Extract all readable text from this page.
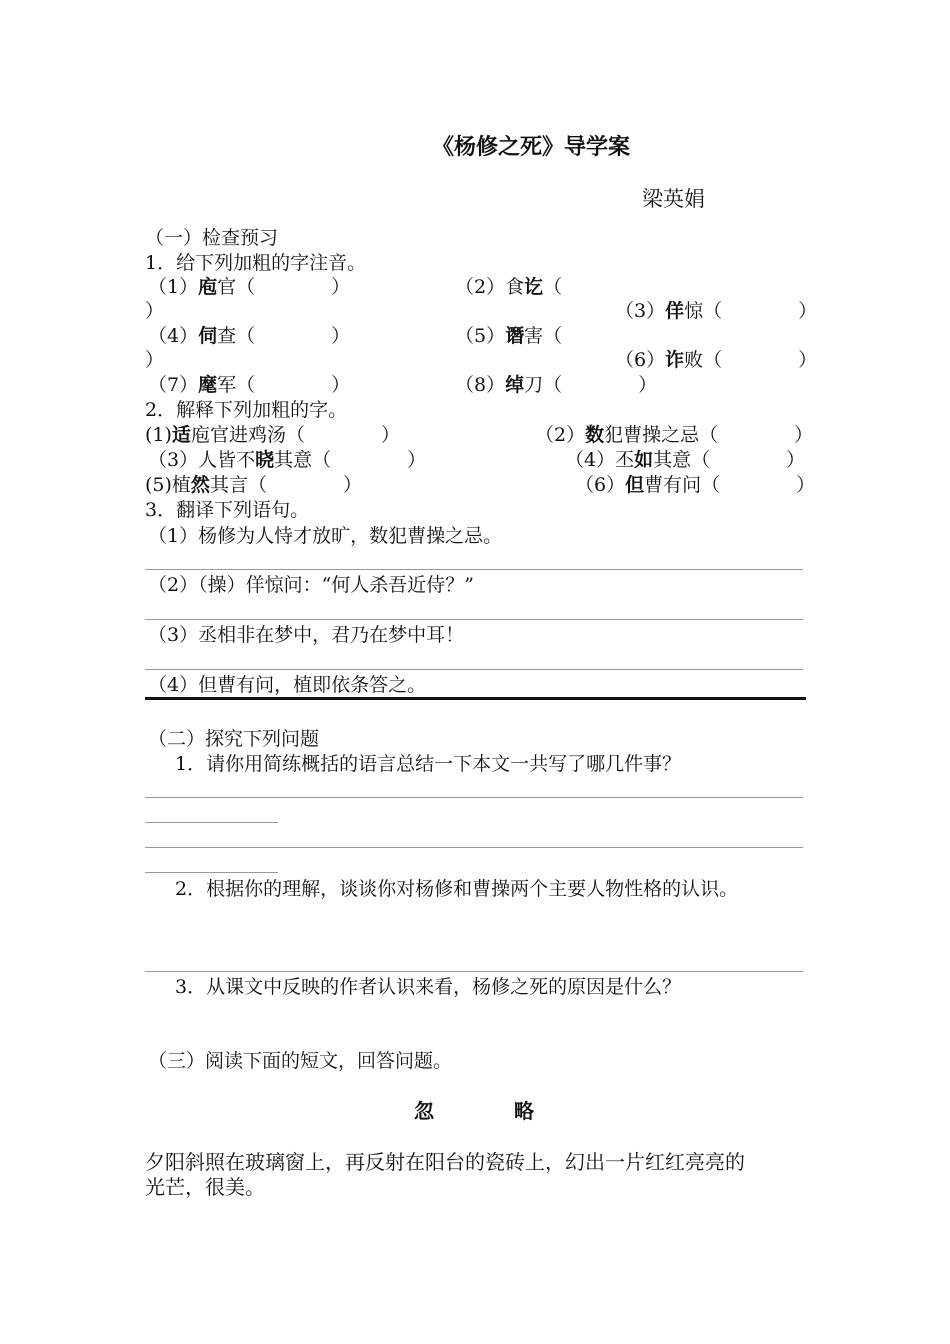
《杨修之死》导学案
梁英娟
（一）检查预习
1．给下列加粗的字注音。
（1）庖官（　　　　）	（2）食讫（
）	（3）佯惊（　　　　）
（4）伺查（　　　　）	（5）谮害（
）	（6）诈败（　　　　）
（7）麾军（　　　　）	（8）绰刀（　　　　）
2．解释下列加粗的字。
(1)适庖官进鸡汤（　　　　）	（2）数犯曹操之忌（　　　　）
（3）人皆不晓其意（　　　　）	（4）丕如其意（　　　　）
(5)植然其言（　　　　）	（6）但曹有问（　　　　）
3．翻译下列语句。
（1）杨修为人恃才放旷，数犯曹操之忌。
（2）（操）佯惊问：“何人杀吾近侍？”
（3）丞相非在梦中，君乃在梦中耳！
（4）但曹有问，植即依条答之。
（二）探究下列问题
1．请你用简练概括的语言总结一下本文一共写了哪几件事？
2．根据你的理解，谈谈你对杨修和曹操两个主要人物性格的认识。
3．从课文中反映的作者认识来看，杨修之死的原因是什么？
（三）阅读下面的短文，回答问题。
忽　　　　略
夕阳斜照在玻璃窗上，再反射在阳台的瓷砖上，幻出一片红红亮亮的
光芒，很美。
